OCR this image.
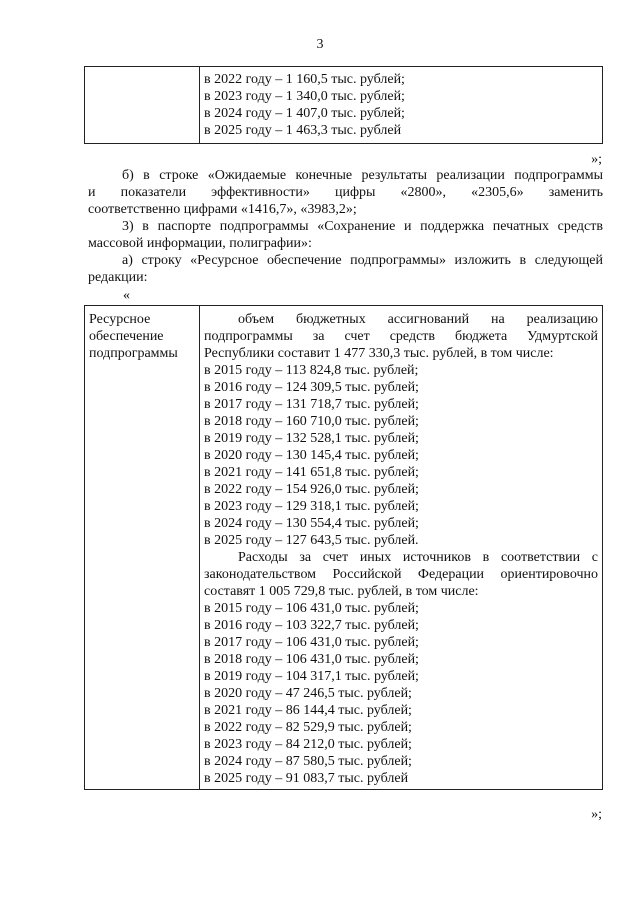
3

в 2022 году – 1 160,5 тыс. рублей;
в 2023 году – 1 340,0 тыс. рублей;
в 2024 году – 1 407,0 тыс. рублей;
в 2025 году – 1 463,3 тыс. рублей
»;
б) в строке «Ожидаемые конечные результаты реализации подпрограммы
и показатели эффективности» цифры «2800», «2305,6» заменить
соответственно цифрами «1416,7», «3983,2»;
3) в паспорте подпрограммы «Сохранение и поддержка печатных средств
массовой информации, полиграфии»:
а) строку «Ресурсное обеспечение подпрограммы» изложить в следующей
редакции:
«
Ресурсное обеспечение подпрограммы

объем бюджетных ассигнований на реализацию
подпрограммы за счет средств бюджета Удмуртской
Республики составит 1 477 330,3 тыс. рублей, в том числе:
в 2015 году – 113 824,8 тыс. рублей;
в 2016 году – 124 309,5 тыс. рублей;
в 2017 году – 131 718,7 тыс. рублей;
в 2018 году – 160 710,0 тыс. рублей;
в 2019 году – 132 528,1 тыс. рублей;
в 2020 году – 130 145,4 тыс. рублей;
в 2021 году – 141 651,8 тыс. рублей;
в 2022 году – 154 926,0 тыс. рублей;
в 2023 году – 129 318,1 тыс. рублей;
в 2024 году – 130 554,4 тыс. рублей;
в 2025 году – 127 643,5 тыс. рублей.
Расходы за счет иных источников в соответствии с
законодательством Российской Федерации ориентировочно
составят 1 005 729,8 тыс. рублей, в том числе:
в 2015 году – 106 431,0 тыс. рублей;
в 2016 году – 103 322,7 тыс. рублей;
в 2017 году – 106 431,0 тыс. рублей;
в 2018 году – 106 431,0 тыс. рублей;
в 2019 году – 104 317,1 тыс. рублей;
в 2020 году – 47 246,5 тыс. рублей;
в 2021 году – 86 144,4 тыс. рублей;
в 2022 году – 82 529,9 тыс. рублей;
в 2023 году – 84 212,0 тыс. рублей;
в 2024 году – 87 580,5 тыс. рублей;
в 2025 году – 91 083,7 тыс. рублей
»;
